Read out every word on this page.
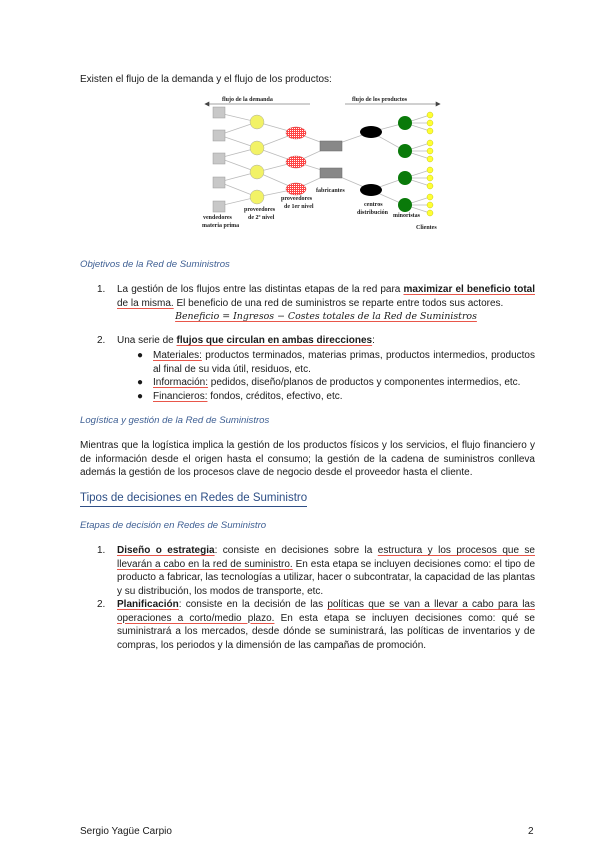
Existen el flujo de la demanda y el flujo de los productos:
flujo de la demanda	flujo de los productos
vendedores
materia prima
proveedores
de 2º nivel
proveedores
de 1er nivel
fabricantes
centros
distribución minoristas
Clientes
Objetivos de la Red de Suministros
1. La gestión de los flujos entre las distintas etapas de la red para maximizar el beneficio total de la misma. El beneficio de una red de suministros se reparte entre todos sus actores.
Beneficio = Ingresos − Costes totales de la Red de Suministros
2. Una serie de flujos que circulan en ambas direcciones:
● Materiales: productos terminados, materias primas, productos intermedios, productos al final de su vida útil, residuos, etc.
● Información: pedidos, diseño/planos de productos y componentes intermedios, etc.
● Financieros: fondos, créditos, efectivo, etc.
Logística y gestión de la Red de Suministros
Mientras que la logística implica la gestión de los productos físicos y los servicios, el flujo financiero y de información desde el origen hasta el consumo; la gestión de la cadena de suministros conlleva además la gestión de los procesos clave de negocio desde el proveedor hasta el cliente.
Tipos de decisiones en Redes de Suministro
Etapas de decisión en Redes de Suministro
1. Diseño o estrategia: consiste en decisiones sobre la estructura y los procesos que se llevarán a cabo en la red de suministro. En esta etapa se incluyen decisiones como: el tipo de producto a fabricar, las tecnologías a utilizar, hacer o subcontratar, la capacidad de las plantas y su distribución, los modos de transporte, etc.
2. Planificación: consiste en la decisión de las políticas que se van a llevar a cabo para las operaciones a corto/medio plazo. En esta etapa se incluyen decisiones como: qué se suministrará a los mercados, desde dónde se suministrará, las políticas de inventarios y de compras, los periodos y la dimensión de las campañas de promoción.
Sergio Yagüe Carpio	2
